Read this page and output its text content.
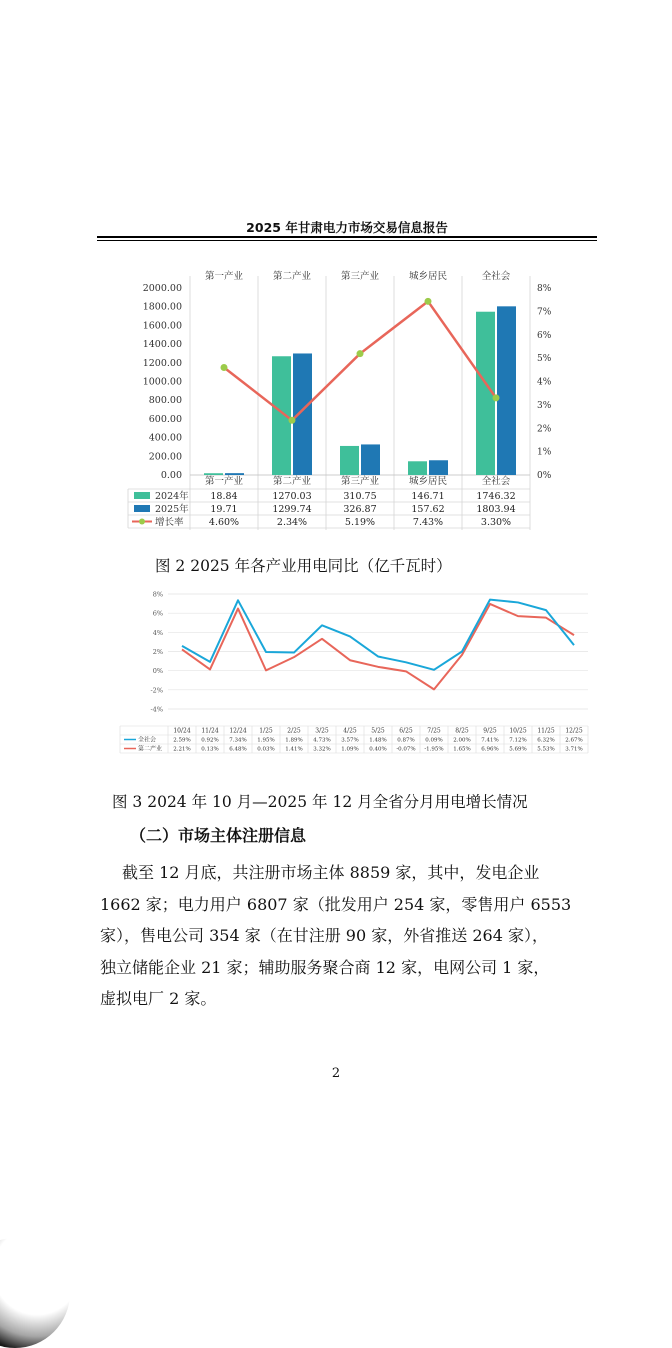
2025 年甘肃电力市场交易信息报告
第一产业	第二产业	第三产业	城乡居民	全社会
0.00
200.00
400.00
600.00
800.00
1000.00
1200.00
1400.00
1600.00
1800.00
2000.00
0%
1%
2%
3%
4%
5%
6%
7%
8%
第一产业	第二产业	第三产业	城乡居民	全社会
2024年 18.84	1270.03	310.75	146.71	1746.32
2025年 19.71	1299.74	326.87	157.62	1803.94
增长率	4.60%	2.34%	5.19%	7.43%	3.30%
图 2 2025 年各产业用电同比（亿千瓦时）
-4%
-2%
0%
2%
4%
6%
8%
10/24 11/24 12/24 1/25 2/25 3/25 4/25 5/25 6/25 7/25 8/25 9/25 10/25 11/25 12/25
全社会	2.59% 0.92% 7.34% 1.95% 1.89% 4.73% 3.57% 1.48% 0.87% 0.09% 2.00% 7.41% 7.12% 6.32% 2.67%
第二产业 2.21% 0.13% 6.48% 0.03% 1.41% 3.32% 1.09% 0.40% -0.07% -1.95% 1.65% 6.96% 5.69% 5.53% 3.71%
图 3 2024 年 10 月—2025 年 12 月全省分月用电增长情况
（二）市场主体注册信息
截至 12 月底，共注册市场主体 8859 家，其中，发电企业
1662 家；电力用户 6807 家（批发用户 254 家，零售用户 6553
家），售电公司 354 家（在甘注册 90 家，外省推送 264 家），
独立储能企业 21 家；辅助服务聚合商 12 家，电网公司 1 家，
虚拟电厂 2 家。
2
